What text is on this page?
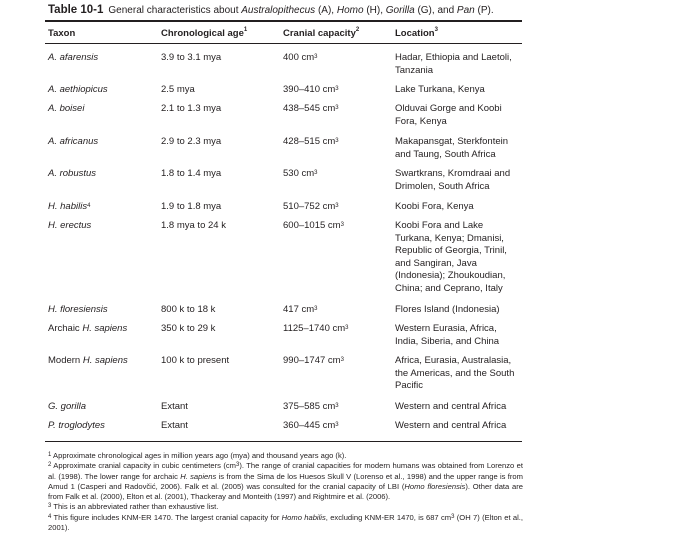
Table 10-1 General characteristics about Australopithecus (A), Homo (H), Gorilla (G), and Pan (P).
Taxon	Chronological age$^1$	Cranial capacity$^2$	Location$^3$
A. afarensis	3.9 to 3.1 mya	400 $cm^3$	Hadar, Ethiopia and Laetoli, Tanzania
A. aethiopicus	2.5 mya	390–410 $cm^3$	Lake Turkana, Kenya
A. boisei	2.1 to 1.3 mya	438–545 $cm^3$	Olduvai Gorge and Koobi Fora, Kenya
A. africanus	2.9 to 2.3 mya	428–515 $cm^3$	Makapansgat, Sterkfontein and Taung, South Africa
A. robustus	1.8 to 1.4 mya	530 $cm^3$	Swartkrans, Kromdraai and Drimolen, South Africa
H. habilis$^4$	1.9 to 1.8 mya	510–752 $cm^3$	Koobi Fora, Kenya
H. erectus	1.8 mya to 24 k	600–1015 $cm^3$	Koobi Fora and Lake Turkana, Kenya; Dmanisi, Republic of Georgia, Trinil, and Sangiran, Java (Indonesia); Zhoukoudian, China; and Ceprano, Italy
H. floresiensis	800 k to 18 k	417 $cm^3$	Flores Island (Indonesia)
Archaic H. sapiens	350 k to 29 k	1125–1740 $cm^3$	Western Eurasia, Africa, India, Siberia, and China
Modern H. sapiens	100 k to present	990–1747 $cm^3$	Africa, Eurasia, Australasia, the Americas, and the South Pacific
G. gorilla	Extant	375–585 $cm^3$	Western and central Africa
P. troglodytes	Extant	360–445 $cm^3$	Western and central Africa

$^1$ Approximate chronological ages in million years ago (mya) and thousand years ago (k).

$^2$ Approximate cranial capacity in cubic centimeters $(cm^3)$. The range of cranial capacities for modern humans was obtained from Lorenzo et al. (1998). The lower range for archaic H. sapiens is from the Sima de los Huesos Skull V (Lorenso et al., 1998) and the upper range is from Amud 1 (Casperi and Radovčić, 2006). Falk et al. (2005) was consulted for the cranial capacity of LBI (Homo floresiensis). Other data are from Falk et al. (2000), Elton et al. (2001), Thackeray and Monteith (1997) and Rightmire et al. (2006).

$^3$ This is an abbreviated rather than exhaustive list.

$^4$ This figure includes KNM-ER 1470. The largest cranial capacity for Homo habilis, excluding KNM-ER 1470, is 687 $cm^3$ (OH 7) (Elton et al., 2001).
